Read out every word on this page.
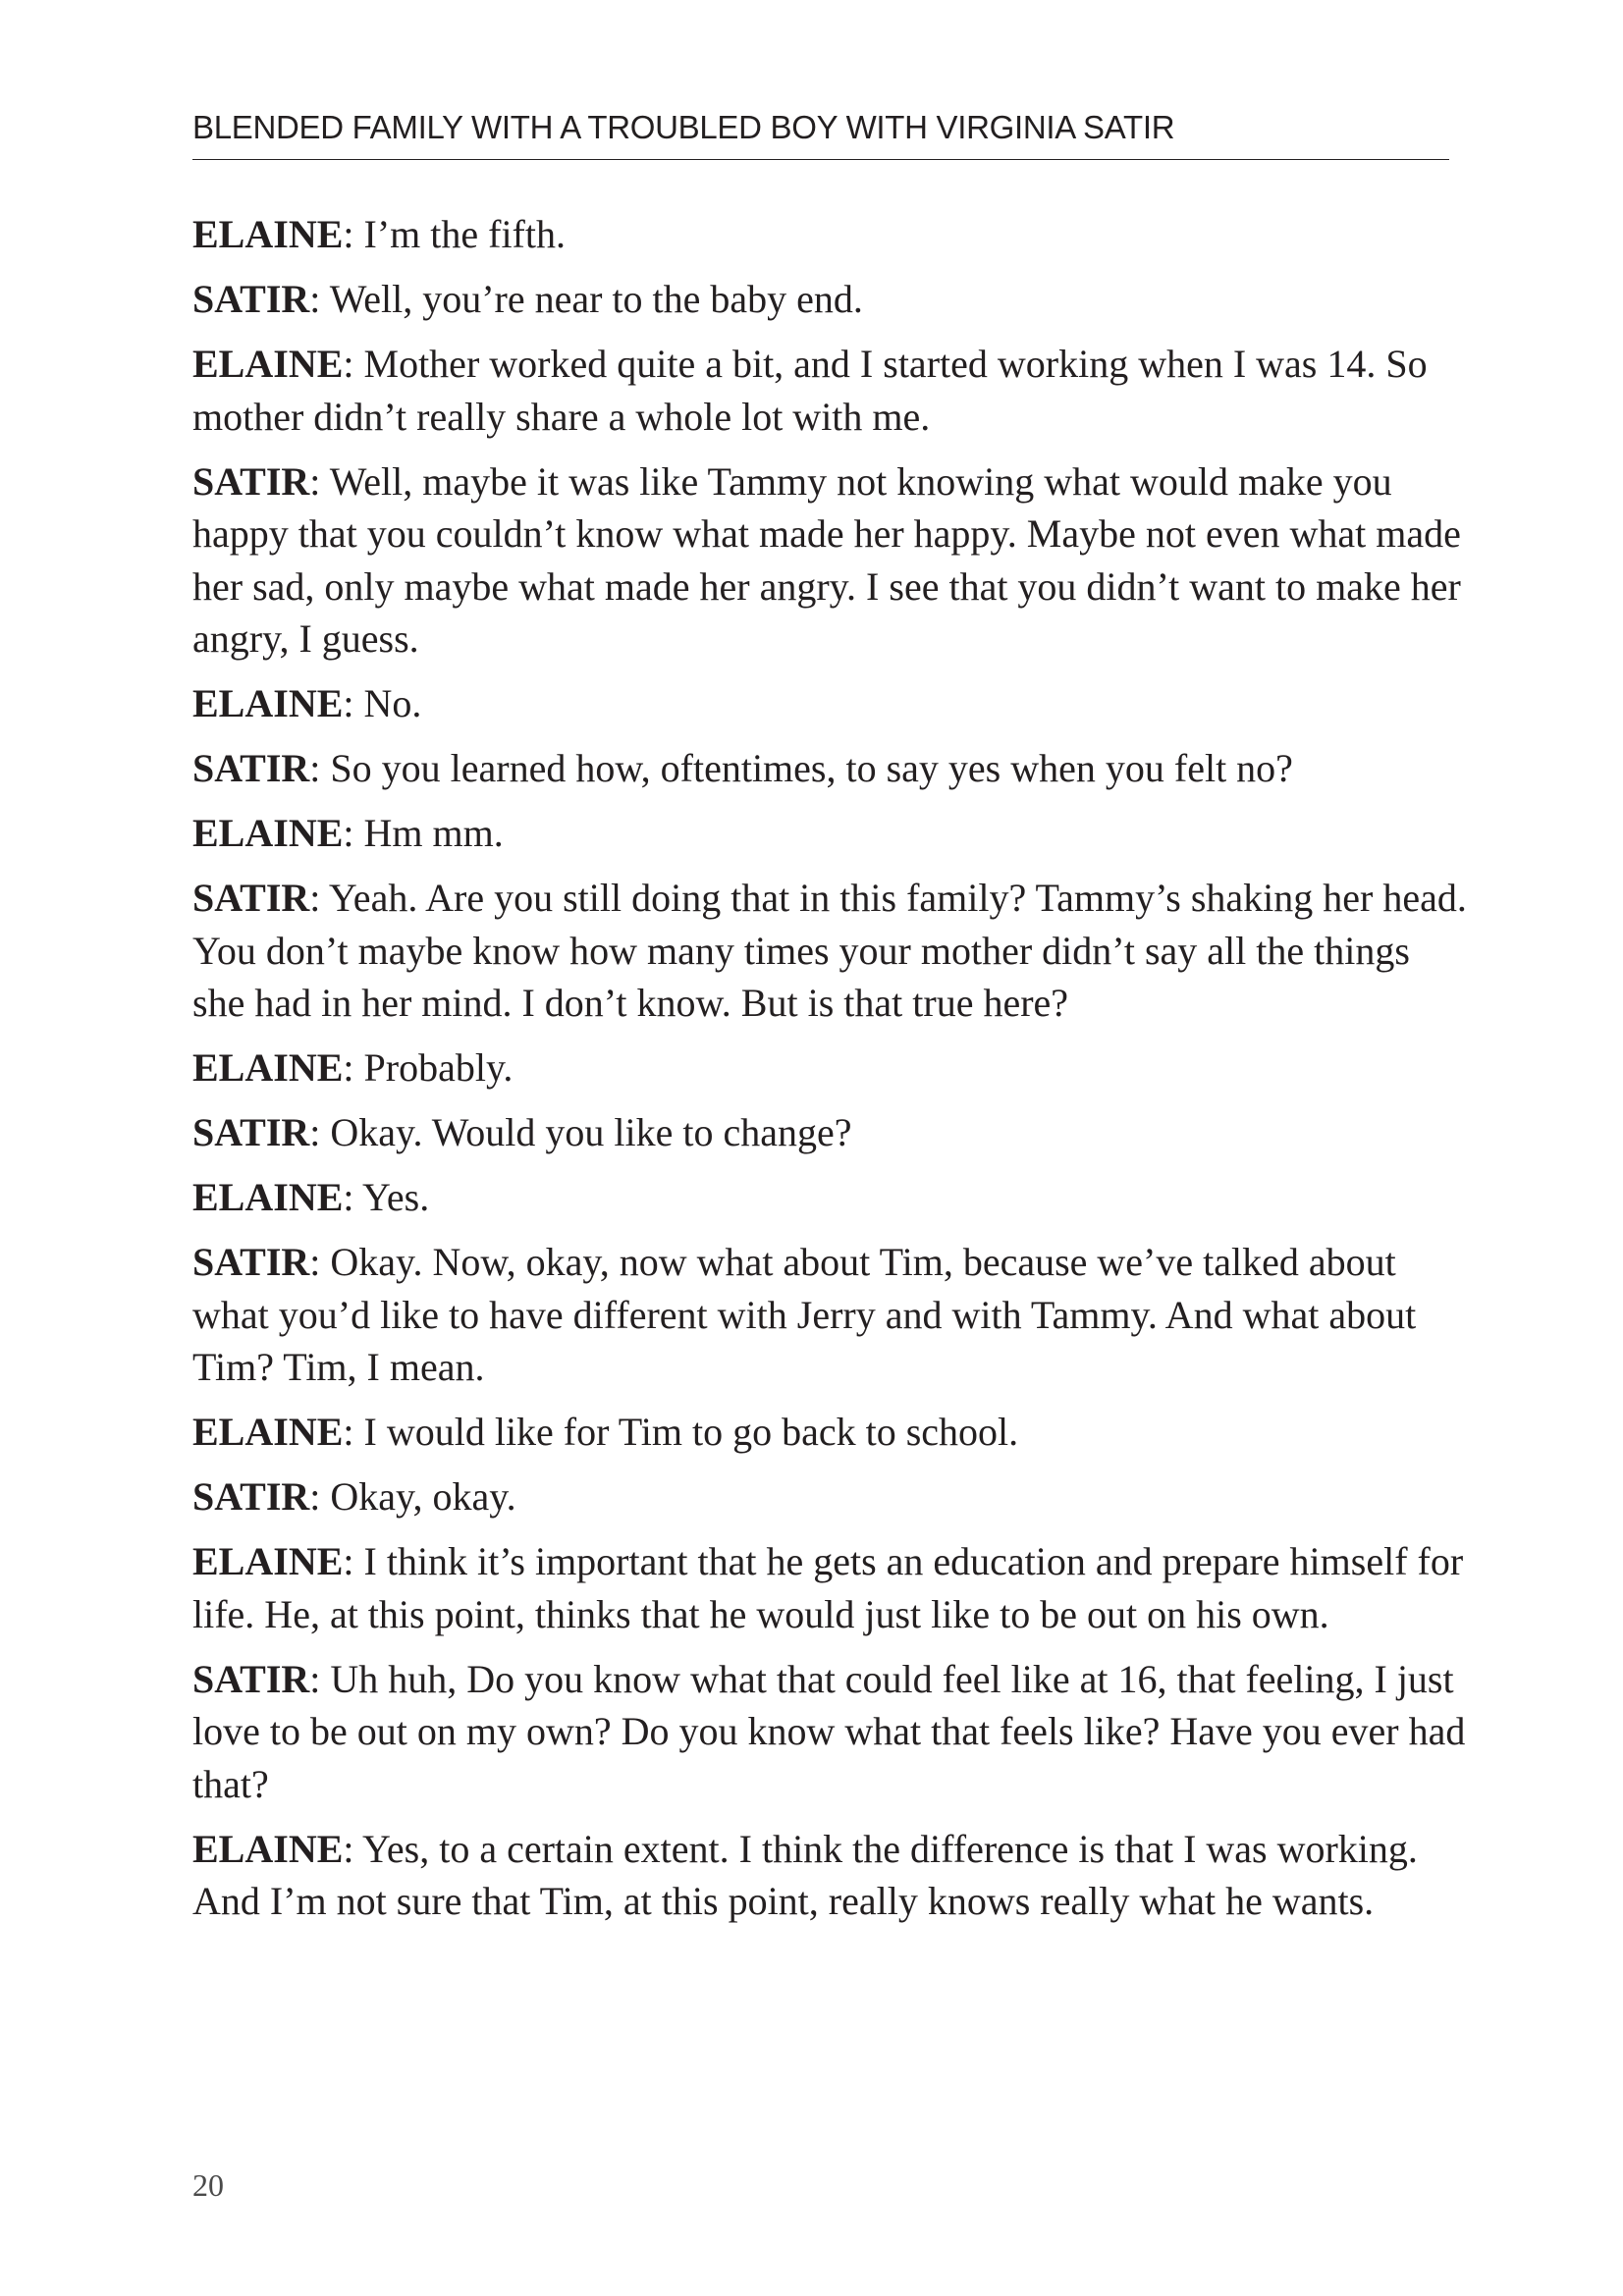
BLENDED FAMILY WITH A TROUBLED BOY WITH VIRGINIA SATIR

ELAINE: I’m the fifth.

SATIR: Well, you’re near to the baby end.

ELAINE: Mother worked quite a bit, and I started working when I was 14. So mother didn’t really share a whole lot with me.

SATIR: Well, maybe it was like Tammy not knowing what would make you happy that you couldn’t know what made her happy. Maybe not even what made her sad, only maybe what made her angry. I see that you didn’t want to make her angry, I guess.

ELAINE: No.

SATIR: So you learned how, oftentimes, to say yes when you felt no?

ELAINE: Hm mm.

SATIR: Yeah. Are you still doing that in this family? Tammy’s shaking her head. You don’t maybe know how many times your mother didn’t say all the things she had in her mind. I don’t know. But is that true here?

ELAINE: Probably.

SATIR: Okay. Would you like to change?

ELAINE: Yes.

SATIR: Okay. Now, okay, now what about Tim, because we’ve talked about what you’d like to have different with Jerry and with Tammy. And what about Tim? Tim, I mean.

ELAINE: I would like for Tim to go back to school.

SATIR: Okay, okay.

ELAINE: I think it’s important that he gets an education and prepare himself for life. He, at this point, thinks that he would just like to be out on his own.

SATIR: Uh huh, Do you know what that could feel like at 16, that feeling, I just love to be out on my own? Do you know what that feels like? Have you ever had that?

ELAINE: Yes, to a certain extent. I think the difference is that I was working. And I’m not sure that Tim, at this point, really knows really what he wants.

20
